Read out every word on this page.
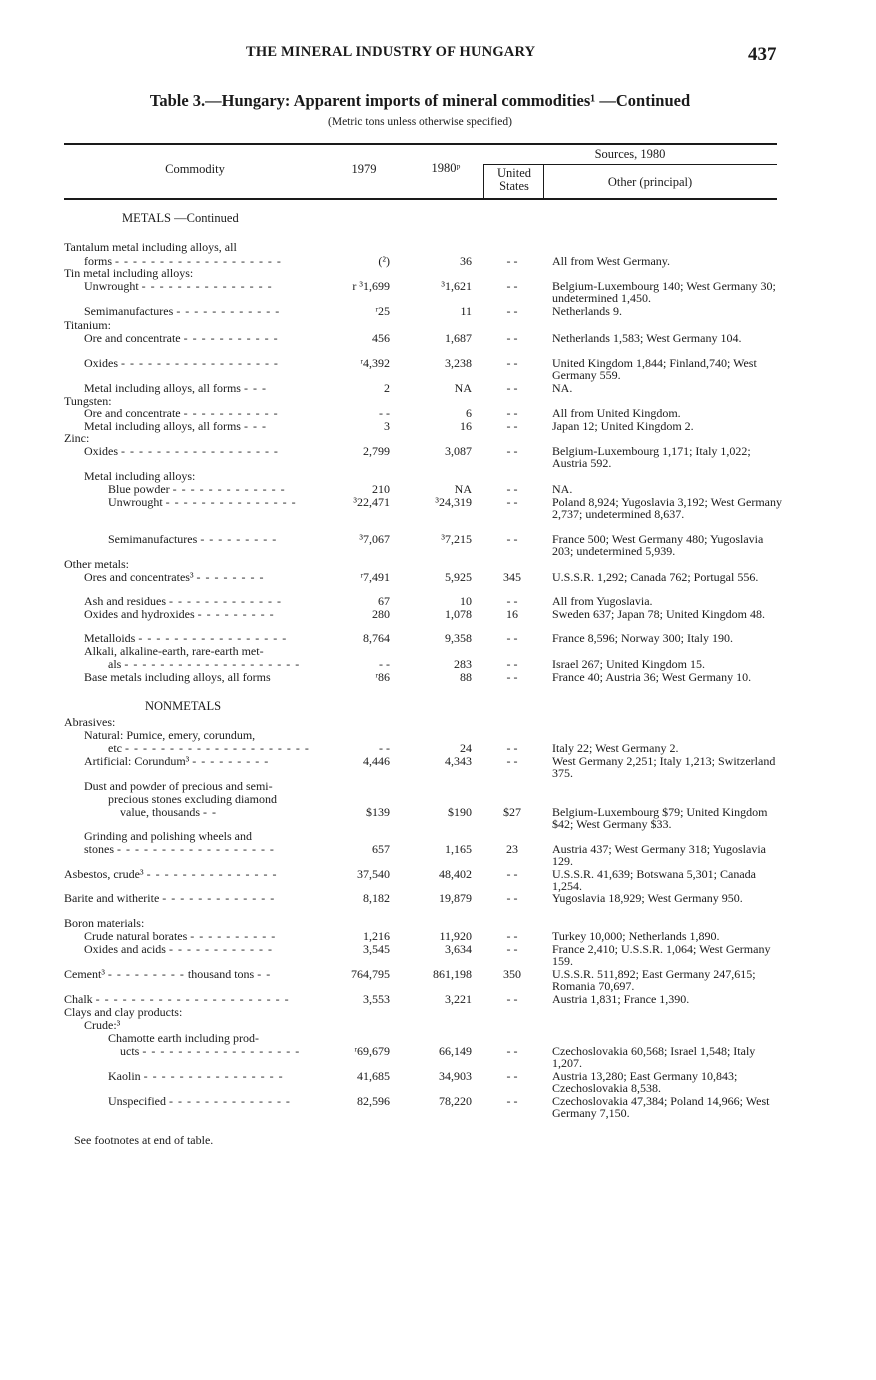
THE MINERAL INDUSTRY OF HUNGARY	437
Table 3.—Hungary: Apparent imports of mineral commodities¹ —Continued
(Metric tons unless otherwise specified)
Commodity	1979	1980ᵖ
Sources, 1980
United States	Other (principal)
METALS —Continued
NONMETALS
Tantalum metal including alloys, all
forms - - - - - - - - - - - - - - - - - - -	(²)	36	- -	All from West Germany.
Tin metal including alloys:
Unwrought - - - - - - - - - - - - - - -	r ³1,699	³1,621	- -	Belgium-Luxembourg 140; West Germany 30; undetermined 1,450.
Semimanufactures - - - - - - - - - - - -	ʳ25	11	- -	Netherlands 9.
Titanium:
Ore and concentrate - - - - - - - - - - -	456	1,687	- -	Netherlands 1,583; West Germany 104.
Oxides - - - - - - - - - - - - - - - - - -	ʳ4,392	3,238	- -	United Kingdom 1,844; Finland,740; West Germany 559.
Metal including alloys, all forms - - -	2	NA	- -	NA.
Tungsten:
Ore and concentrate - - - - - - - - - - -	- -	6	- -	All from United Kingdom.
Metal including alloys, all forms - - -	3	16	- -	Japan 12; United Kingdom 2.
Zinc:
Oxides - - - - - - - - - - - - - - - - - -	2,799	3,087	- -	Belgium-Luxembourg 1,171; Italy 1,022; Austria 592.
Metal including alloys:
Blue powder - - - - - - - - - - - - -	210	NA	- -	NA.
Unwrought - - - - - - - - - - - - - - -	³22,471	³24,319	- -	Poland 8,924; Yugoslavia 3,192; West Germany 2,737; undetermined 8,637.
Semimanufactures - - - - - - - - -	³7,067	³7,215	- -	France 500; West Germany 480; Yugoslavia 203; undetermined 5,939.
Other metals:
Ores and concentrates³ - - - - - - - -	ʳ7,491	5,925	345	U.S.S.R. 1,292; Canada 762; Portugal 556.
Ash and residues - - - - - - - - - - - - -	67	10	- -	All from Yugoslavia.
Oxides and hydroxides - - - - - - - - -	280	1,078	16	Sweden 637; Japan 78; United Kingdom 48.
Metalloids - - - - - - - - - - - - - - - - -	8,764	9,358	- -	France 8,596; Norway 300; Italy 190.
Alkali, alkaline-earth, rare-earth met-
als - - - - - - - - - - - - - - - - - - - -	- -	283	- -	Israel 267; United Kingdom 15.
Base metals including alloys, all forms	ʳ86	88	- -	France 40; Austria 36; West Germany 10.
Abrasives:
Natural: Pumice, emery, corundum,
etc - - - - - - - - - - - - - - - - - - - - -	- -	24	- -	Italy 22; West Germany 2.
Artificial: Corundum³ - - - - - - - - -	4,446	4,343	- -	West Germany 2,251; Italy 1,213; Switzerland 375.
Dust and powder of precious and semi-
precious stones excluding diamond
value, thousands - -	$139	$190	$27	Belgium-Luxembourg $79; United Kingdom $42; West Germany $33.
Grinding and polishing wheels and
stones - - - - - - - - - - - - - - - - - -	657	1,165	23	Austria 437; West Germany 318; Yugoslavia 129.
Asbestos, crude³ - - - - - - - - - - - - - - -	37,540	48,402	- -	U.S.S.R. 41,639; Botswana 5,301; Canada 1,254.
Barite and witherite - - - - - - - - - - - - -	8,182	19,879	- -	Yugoslavia 18,929; West Germany 950.
Boron materials:
Crude natural borates - - - - - - - - - -	1,216	11,920	- -	Turkey 10,000; Netherlands 1,890.
Oxides and acids - - - - - - - - - - - -	3,545	3,634	- -	France 2,410; U.S.S.R. 1,064; West Germany 159.
Cement³ - - - - - - - - - thousand tons - -	764,795	861,198	350	U.S.S.R. 511,892; East Germany 247,615; Romania 70,697.
Chalk - - - - - - - - - - - - - - - - - - - - - -	3,553	3,221	- -	Austria 1,831; France 1,390.
Clays and clay products:
Crude:³
Chamotte earth including prod-
ucts - - - - - - - - - - - - - - - - - -	ʳ69,679	66,149	- -	Czechoslovakia 60,568; Israel 1,548; Italy 1,207.
Kaolin - - - - - - - - - - - - - - - -	41,685	34,903	- -	Austria 13,280; East Germany 10,843; Czechoslovakia 8,538.
Unspecified - - - - - - - - - - - - - -	82,596	78,220	- -	Czechoslovakia 47,384; Poland 14,966; West Germany 7,150.
See footnotes at end of table.
